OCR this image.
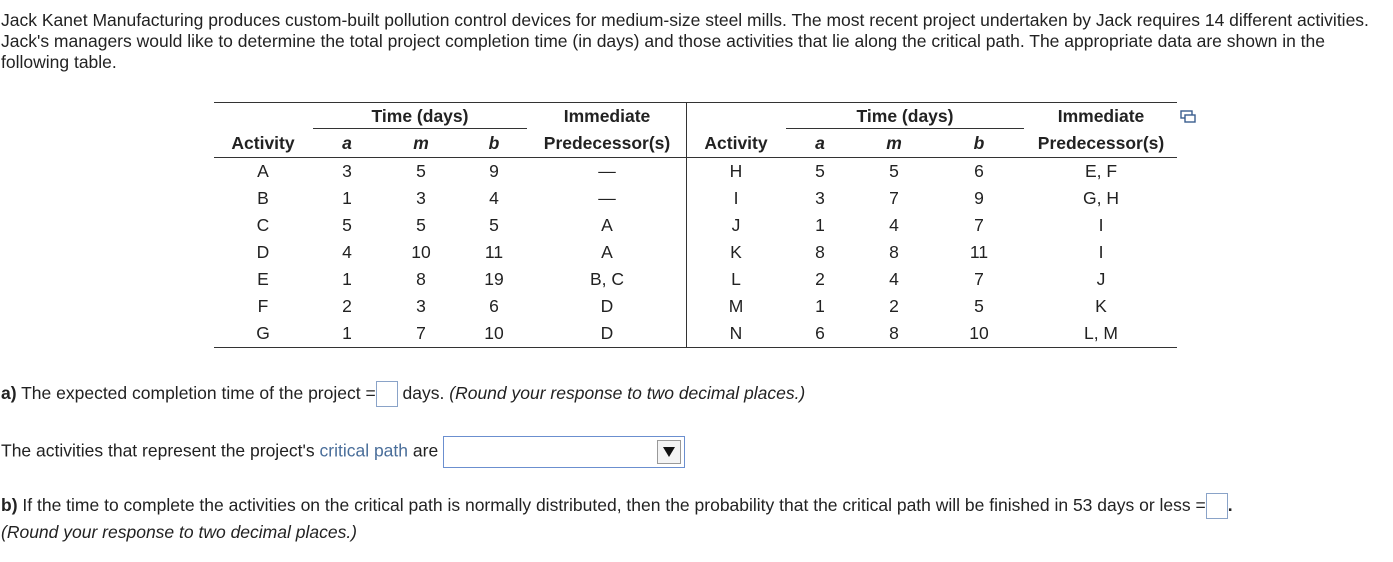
Jack Kanet Manufacturing produces custom-built pollution control devices for medium-size steel mills. The most recent project undertaken by Jack requires 14 different activities. Jack's managers would like to determine the total project completion time (in days) and those activities that lie along the critical path. The appropriate data are shown in the following table.

	Time (days)			Immediate		Time (days)			Immediate
Activity	a	m	b	Predecessor(s)	Activity	a	m	b	Predecessor(s)
A	3	5	9	—	H	5	5	6	E, F
B	1	3	4	—	I	3	7	9	G, H
C	5	5	5	A	J	1	4	7	I
D	4	10	11	A	K	8	8	11	I
E	1	8	19	B, C	L	2	4	7	J
F	2	3	6	D	M	1	2	5	K
G	1	7	10	D	N	6	8	10	L, M
a) The expected completion time of the project = days. (Round your response to two decimal places.)
The activities that represent the project's critical path are
b) If the time to complete the activities on the critical path is normally distributed, then the probability that the critical path will be finished in 53 days or less = .
(Round your response to two decimal places.)
